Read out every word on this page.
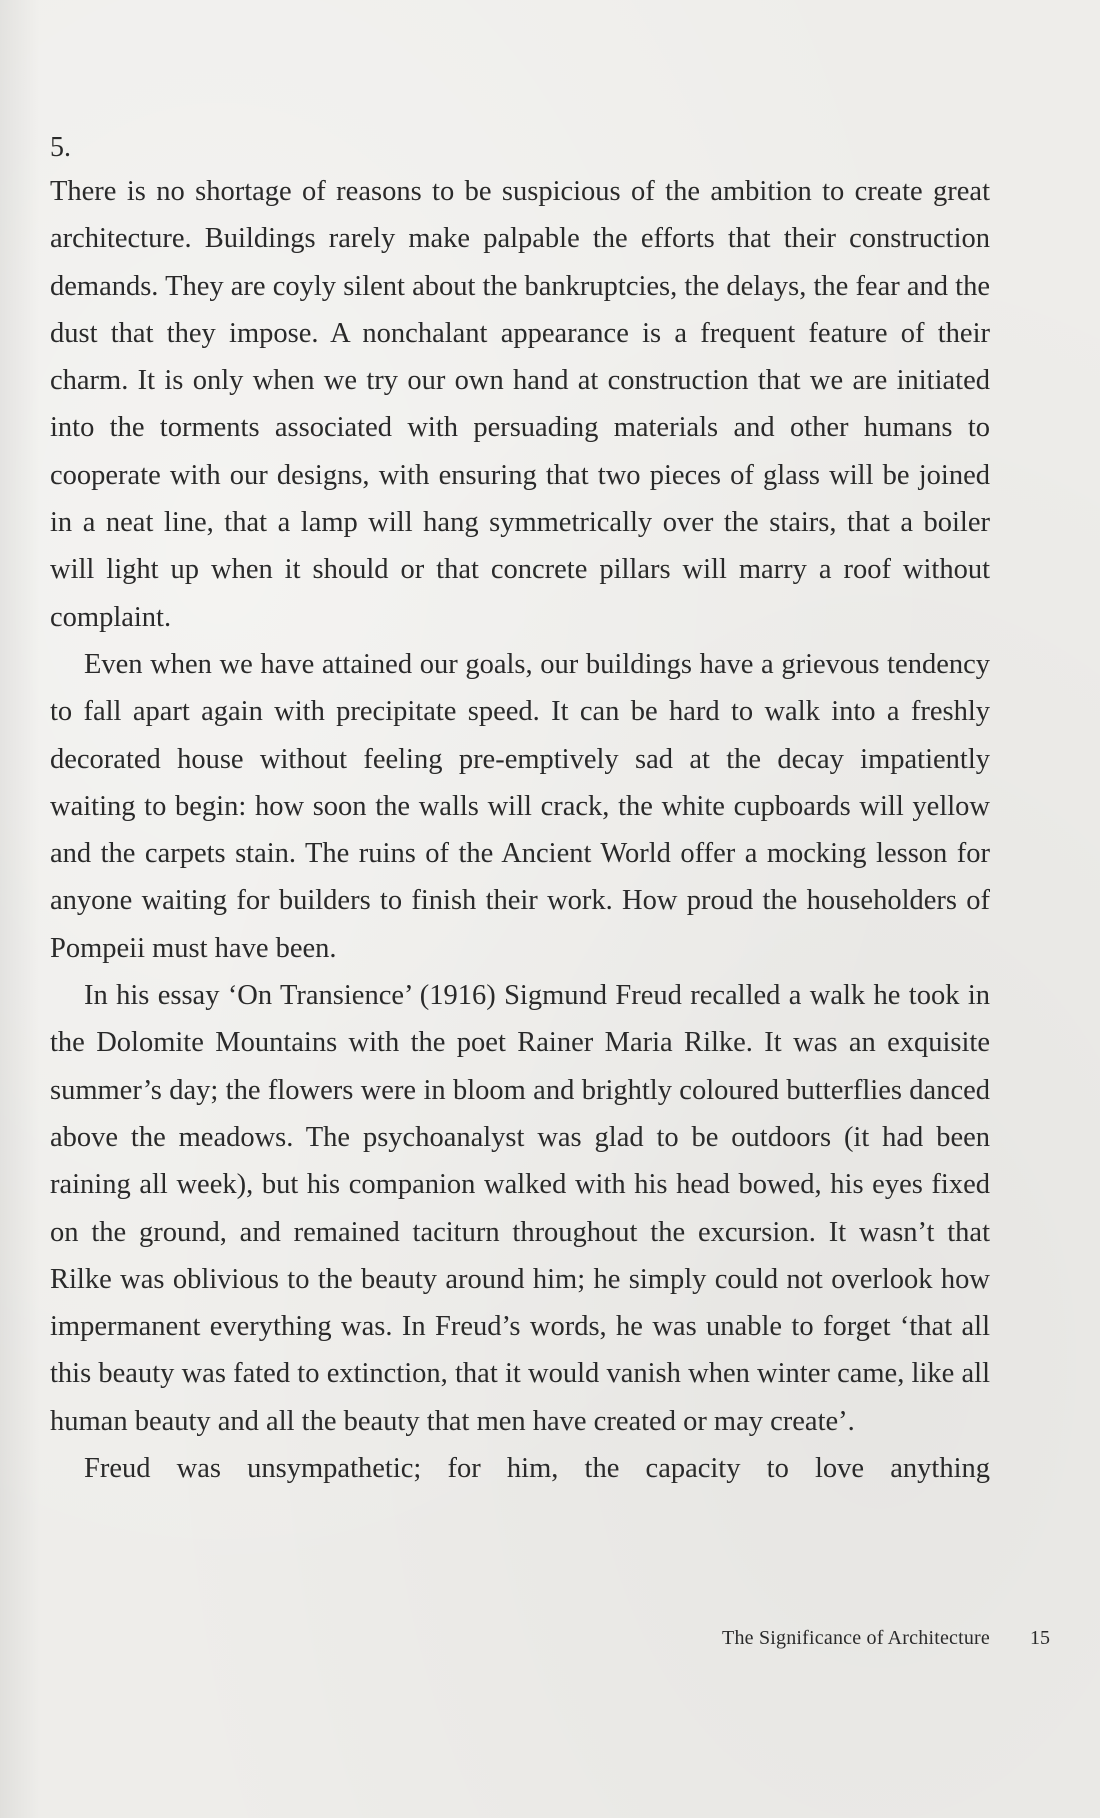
5.

There is no shortage of reasons to be suspicious of the ambition to create great architecture. Buildings rarely make palpable the efforts that their construction demands. They are coyly silent about the bankruptcies, the delays, the fear and the dust that they impose. A nonchalant appearance is a frequent feature of their charm. It is only when we try our own hand at construction that we are initiated into the torments associated with persuading materials and other humans to cooperate with our designs, with ensuring that two pieces of glass will be joined in a neat line, that a lamp will hang symmetrically over the stairs, that a boiler will light up when it should or that concrete pillars will marry a roof without complaint.

Even when we have attained our goals, our buildings have a grievous tendency to fall apart again with precipitate speed. It can be hard to walk into a freshly decorated house without feeling pre-emptively sad at the decay impatiently waiting to begin: how soon the walls will crack, the white cupboards will yellow and the carpets stain. The ruins of the Ancient World offer a mocking lesson for anyone waiting for builders to finish their work. How proud the householders of Pompeii must have been.

In his essay ‘On Transience’ (1916) Sigmund Freud recalled a walk he took in the Dolomite Mountains with the poet Rainer Maria Rilke. It was an exquisite summer’s day; the flowers were in bloom and brightly coloured butterflies danced above the meadows. The psychoanalyst was glad to be outdoors (it had been raining all week), but his companion walked with his head bowed, his eyes fixed on the ground, and remained taciturn throughout the excursion. It wasn’t that Rilke was oblivious to the beauty around him; he simply could not overlook how impermanent everything was. In Freud’s words, he was unable to forget ‘that all this beauty was fated to extinction, that it would vanish when winter came, like all human beauty and all the beauty that men have created or may create’.

Freud was unsympathetic; for him, the capacity to love anything

The Significance of Architecture 15
